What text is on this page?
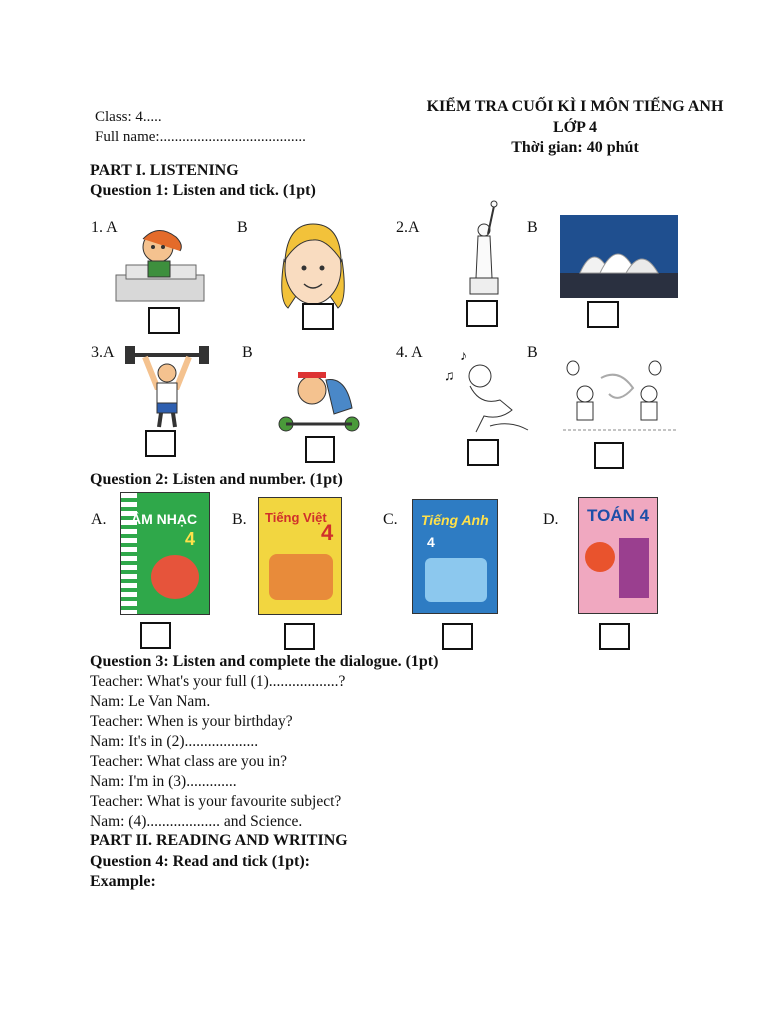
Class: 4.....
Full name:.......................................
KIỂM TRA CUỐI KÌ I MÔN TIẾNG ANH
LỚP 4
Thời gian: 40 phút
PART I. LISTENING
Question 1: Listen and tick. (1pt)
1. A	B	2.A	B
3.A	B	4. A	B
♪
♫
Question 2: Listen and number. (1pt)
A.	B.	C.	D.
ÂM NHẠC
4
Tiếng Việt
4	Tiếng Anh
4
TOÁN 4
Question 3: Listen and complete the dialogue. (1pt)
Teacher: What's your full (1)..................?
Nam: Le Van Nam.
Teacher: When is your birthday?
Nam: It's in (2)...................
Teacher: What class are you in?
Nam: I'm in (3).............
Teacher: What is your favourite subject?
Nam: (4)................... and Science.
PART II. READING AND WRITING
Question 4: Read and tick (1pt):
Example:
